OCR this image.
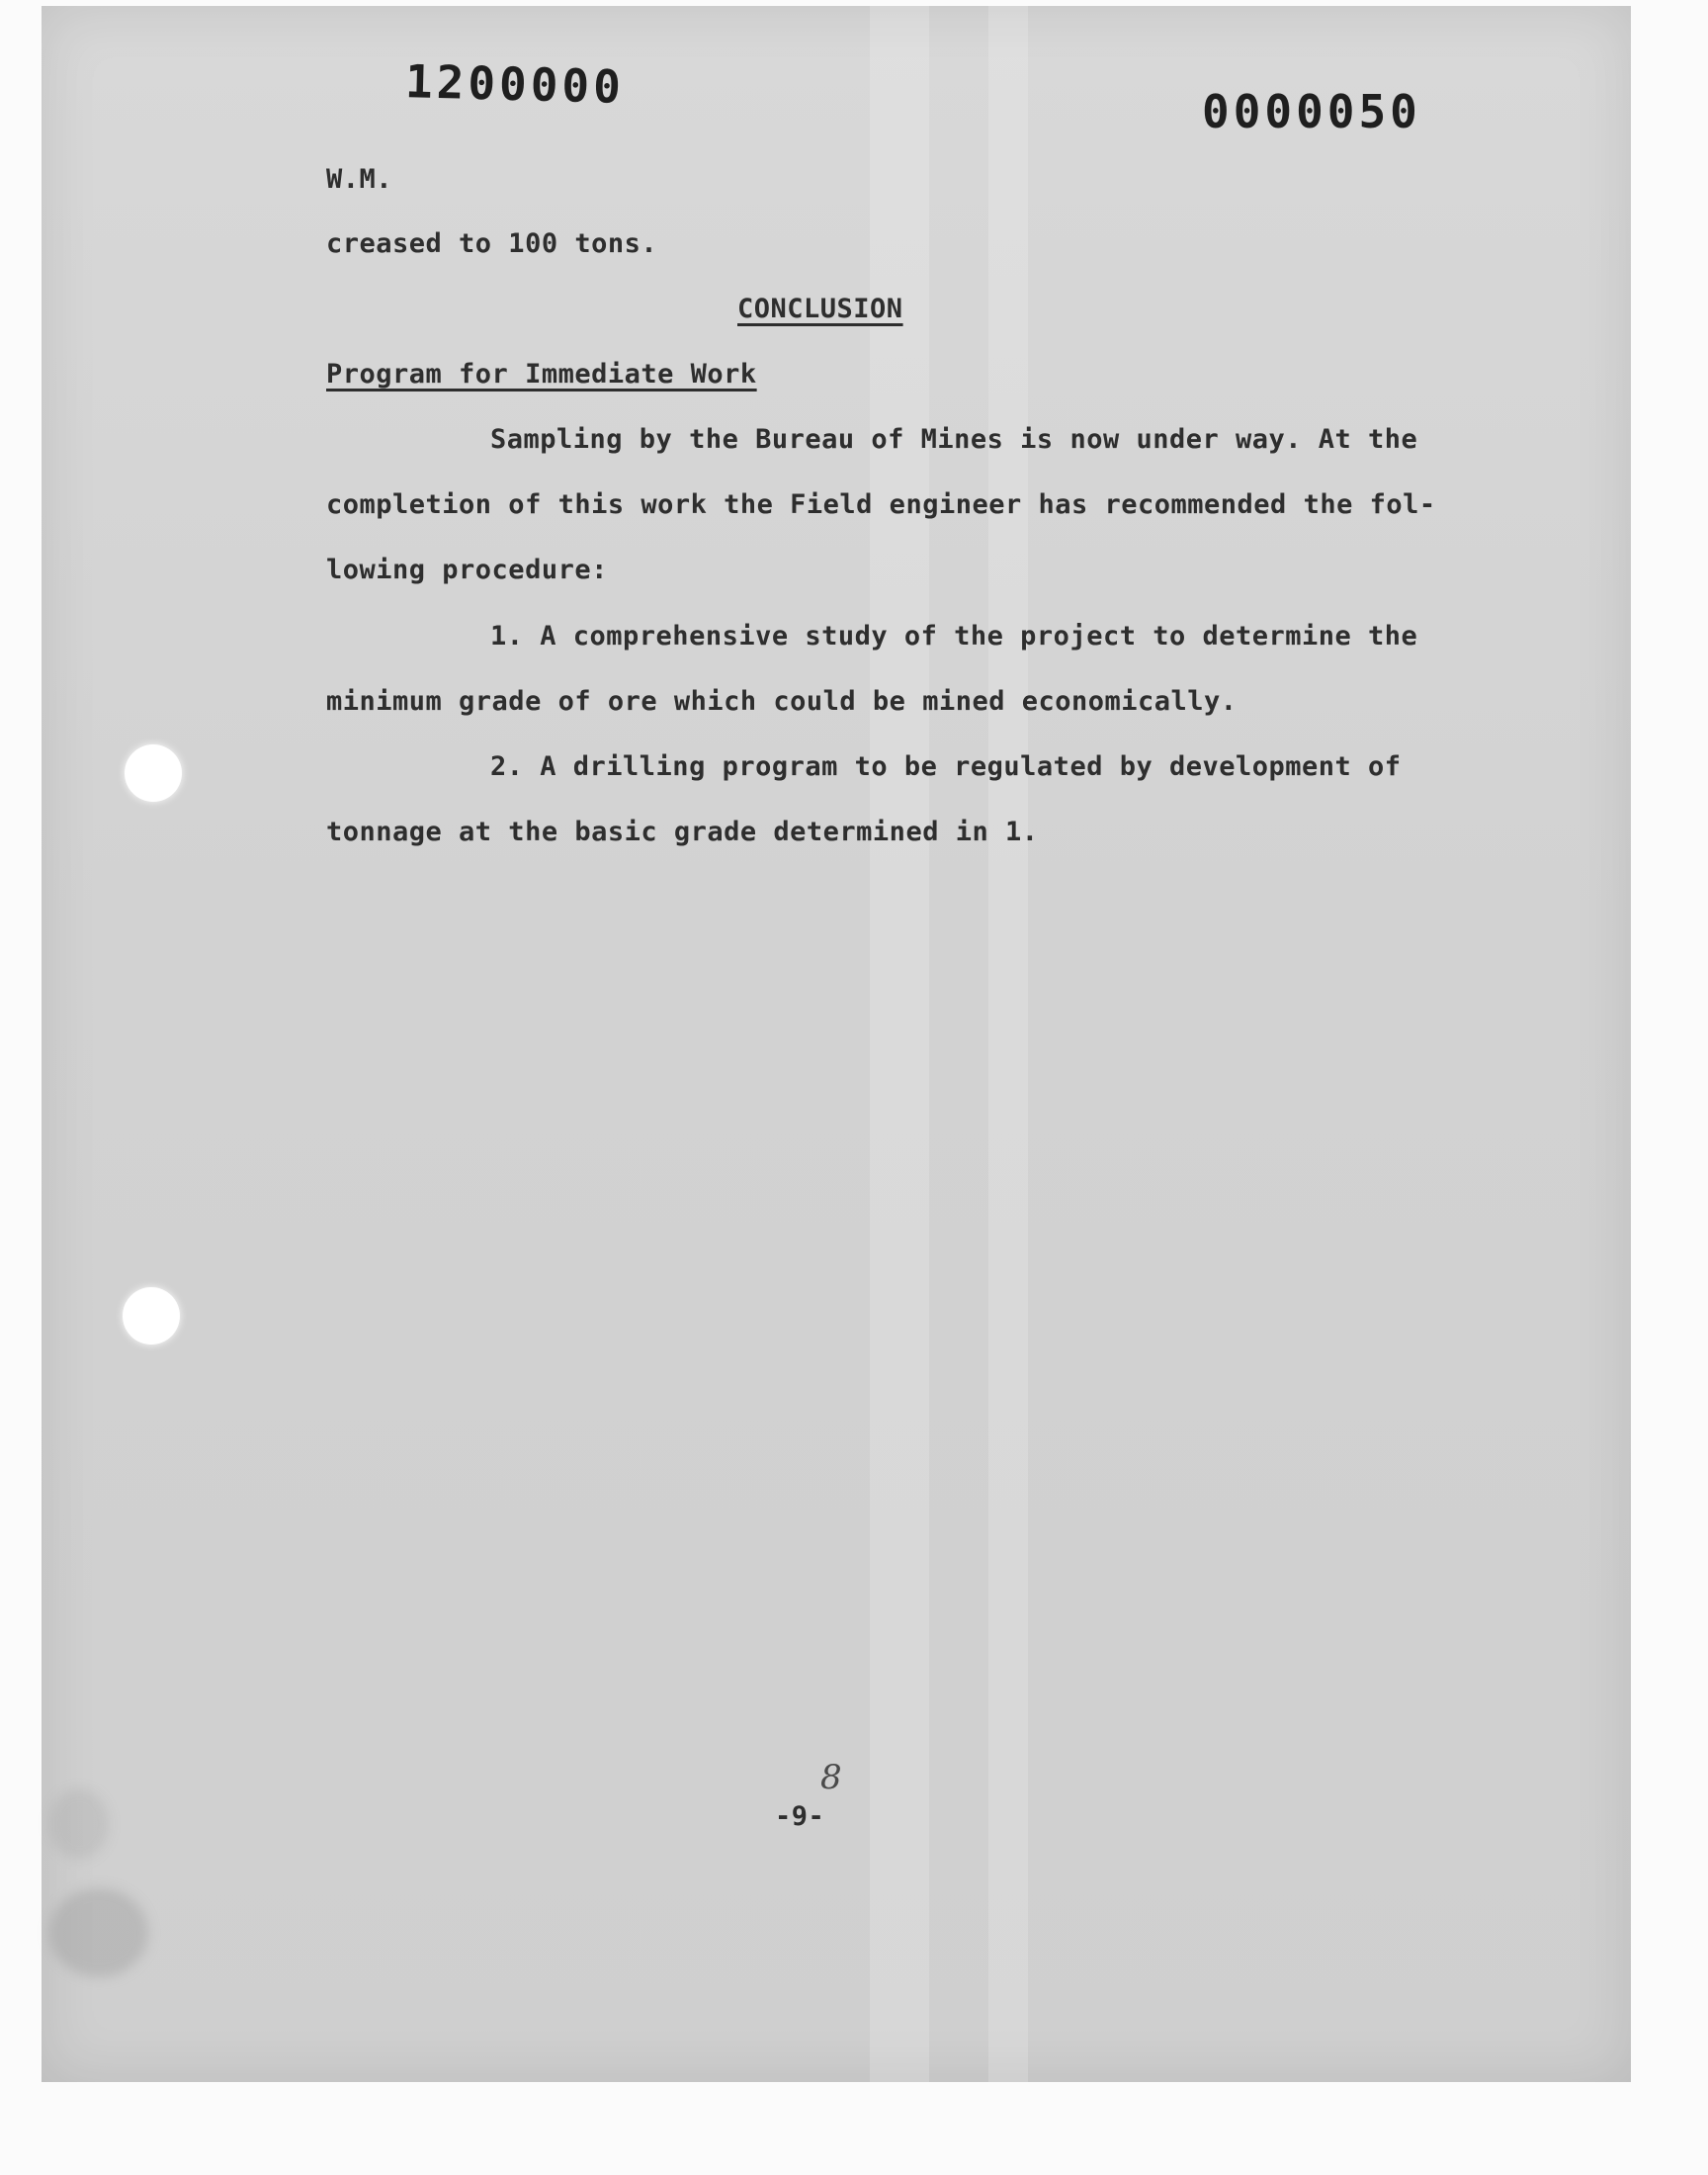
1200000	0000050
W.M.
creased to 100 tons.
CONCLUSION
Program for Immediate Work
Sampling by the Bureau of Mines is now under way. At the
completion of this work the Field engineer has recommended the fol-
lowing procedure:
1. A comprehensive study of the project to determine the
minimum grade of ore which could be mined economically.
2. A drilling program to be regulated by development of
tonnage at the basic grade determined in 1.
8
-9-
